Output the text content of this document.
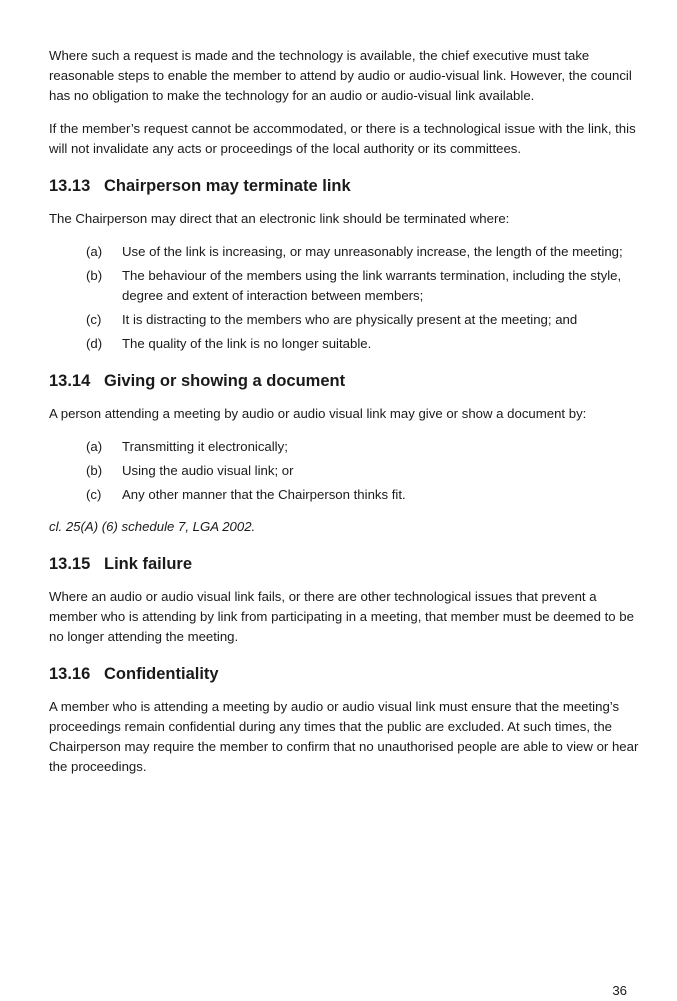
Where such a request is made and the technology is available, the chief executive must take reasonable steps to enable the member to attend by audio or audio-visual link. However, the council has no obligation to make the technology for an audio or audio-visual link available.

If the member’s request cannot be accommodated, or there is a technological issue with the link, this will not invalidate any acts or proceedings of the local authority or its committees.

13.13 Chairperson may terminate link

The Chairperson may direct that an electronic link should be terminated where:

(a)	Use of the link is increasing, or may unreasonably increase, the length of the meeting;
(b)	The behaviour of the members using the link warrants termination, including the style, degree and extent of interaction between members;
(c)	It is distracting to the members who are physically present at the meeting; and
(d)	The quality of the link is no longer suitable.
13.14 Giving or showing a document

A person attending a meeting by audio or audio visual link may give or show a document by:

(a)	Transmitting it electronically;
(b)	Using the audio visual link; or
(c)	Any other manner that the Chairperson thinks fit.

cl. 25(A) (6) schedule 7, LGA 2002.

13.15 Link failure

Where an audio or audio visual link fails, or there are other technological issues that prevent a member who is attending by link from participating in a meeting, that member must be deemed to be no longer attending the meeting.

13.16 Confidentiality

A member who is attending a meeting by audio or audio visual link must ensure that the meeting’s proceedings remain confidential during any times that the public are excluded. At such times, the Chairperson may require the member to confirm that no unauthorised people are able to view or hear the proceedings.

36
